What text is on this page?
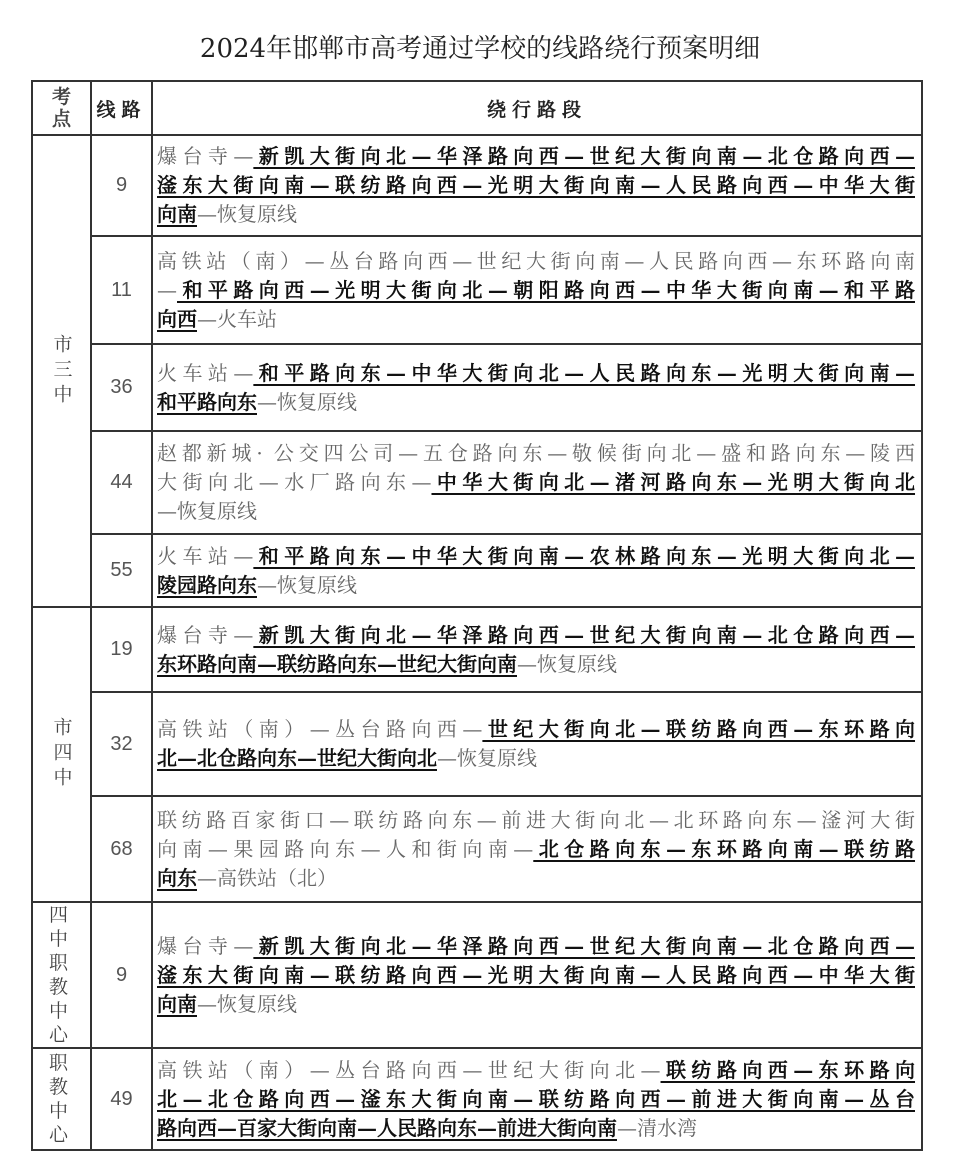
2024年邯郸市高考通过学校的线路绕行预案明细
考点	线路	绕行路段

市三中	9	爆台寺—新凯大街向北—华泽路向西—世纪大街向南—北仓路向西—
滏东大街向南—联纺路向西—光明大街向南—人民路向西—中华大街
向南—恢复原线

	11	高铁站（南）—丛台路向西—世纪大街向南—人民路向西—东环路向南
—和平路向西—光明大街向北—朝阳路向西—中华大街向南—和平路
向西—火车站

	36	火车站—和平路向东—中华大街向北—人民路向东—光明大街向南—
和平路向东—恢复原线

	44	赵都新城· 公交四公司—五仓路向东—敬候街向北—盛和路向东—陵西
大街向北—水厂路向东—中华大街向北—渚河路向东—光明大街向北
—恢复原线

	55	火车站—和平路向东—中华大街向南—农林路向东—光明大街向北—
陵园路向东—恢复原线

市四中	19	爆台寺—新凯大街向北—华泽路向西—世纪大街向南—北仓路向西—
东环路向南—联纺路向东—世纪大街向南—恢复原线

	32	高铁站（南）—丛台路向西—世纪大街向北—联纺路向西—东环路向
北—北仓路向东—世纪大街向北—恢复原线

	68	联纺路百家街口—联纺路向东—前进大街向北—北环路向东—滏河大街
向南—果园路向东—人和街向南—北仓路向东—东环路向南—联纺路
向东—高铁站（北）

四中职教中心	9	爆台寺—新凯大街向北—华泽路向西—世纪大街向南—北仓路向西—
滏东大街向南—联纺路向西—光明大街向南—人民路向西—中华大街
向南—恢复原线

职教中心	49	高铁站（南）—丛台路向西—世纪大街向北—联纺路向西—东环路向
北—北仓路向西—滏东大街向南—联纺路向西—前进大街向南—丛台
路向西—百家大街向南—人民路向东—前进大街向南—清水湾
